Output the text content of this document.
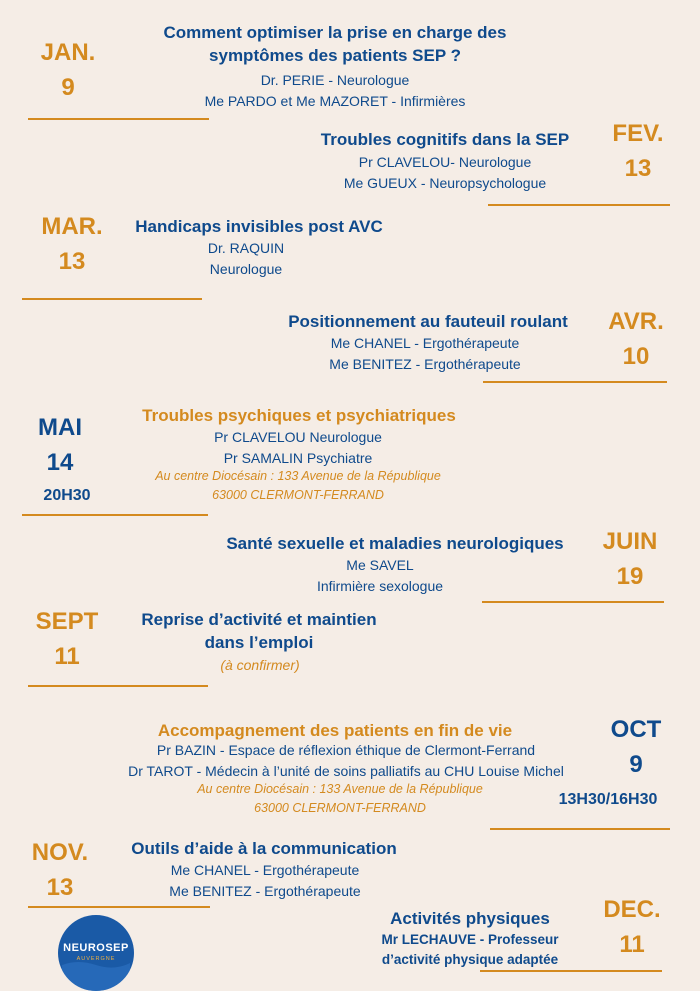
JAN.
9
Comment optimiser la prise en charge des
symptômes des patients SEP ?
Dr. PERIE - Neurologue
Me PARDO et Me MAZORET - Infirmières
Troubles cognitifs dans la SEP
Pr CLAVELOU- Neurologue
Me GUEUX - Neuropsychologue
FEV.
13
MAR.
13
Handicaps invisibles post AVC
Dr. RAQUIN
Neurologue
Positionnement au fauteuil roulant
Me CHANEL - Ergothérapeute
Me BENITEZ - Ergothérapeute
AVR.
10
MAI
14
20H30
Troubles psychiques et psychiatriques
Pr CLAVELOU Neurologue
Pr SAMALIN Psychiatre
Au centre Diocésain : 133 Avenue de la République
63000 CLERMONT-FERRAND
Santé sexuelle et maladies neurologiques
Me SAVEL
Infirmière sexologue
JUIN
19
SEPT
11
Reprise d’activité et maintien
dans l’emploi
(à confirmer)
Accompagnement des patients en fin de vie
Pr BAZIN - Espace de réflexion éthique de Clermont-Ferrand
Dr TAROT - Médecin à l’unité de soins palliatifs au CHU Louise Michel
Au centre Diocésain : 133 Avenue de la République
63000 CLERMONT-FERRAND
OCT
9
13H30/16H30
NOV.
13
Outils d’aide à la communication
Me CHANEL - Ergothérapeute
Me BENITEZ - Ergothérapeute
Activités physiques
Mr LECHAUVE - Professeur
d’activité physique adaptée
DEC.
11
NEUROSEP
AUVERGNE
